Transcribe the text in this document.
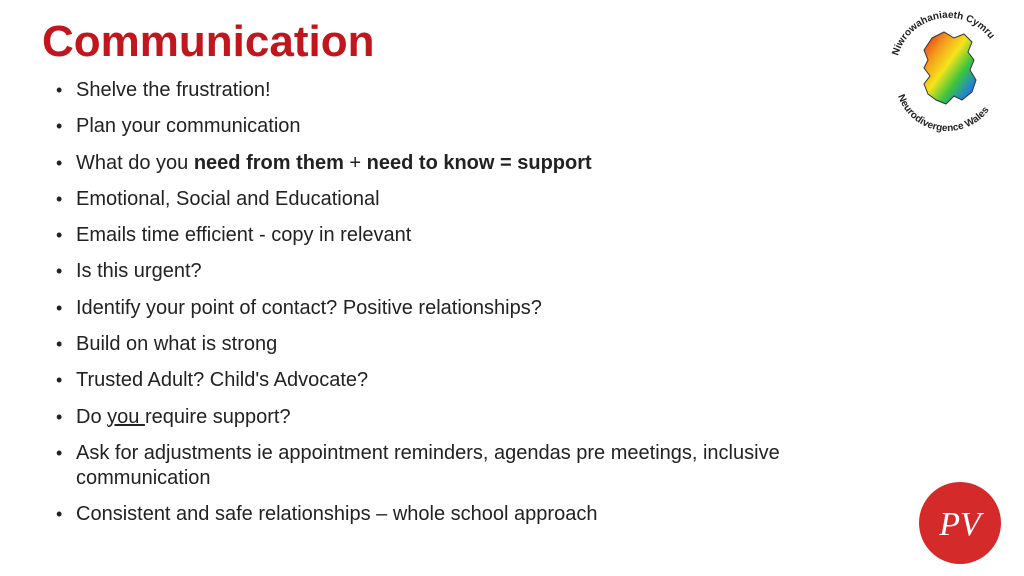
Communication
• Shelve the frustration!
• Plan your communication
• What do you need from them + need to know = support
• Emotional, Social and Educational
• Emails time efficient - copy in relevant
• Is this urgent?
• Identify your point of contact? Positive relationships?
• Build on what is strong
• Trusted Adult? Child's Advocate?
• Do you require support?
• Ask for adjustments ie appointment reminders, agendas pre meetings, inclusive communication
• Consistent and safe relationships – whole school approach
Niwrowahaniaeth Cymru
Neurodivergence Wales
PV
